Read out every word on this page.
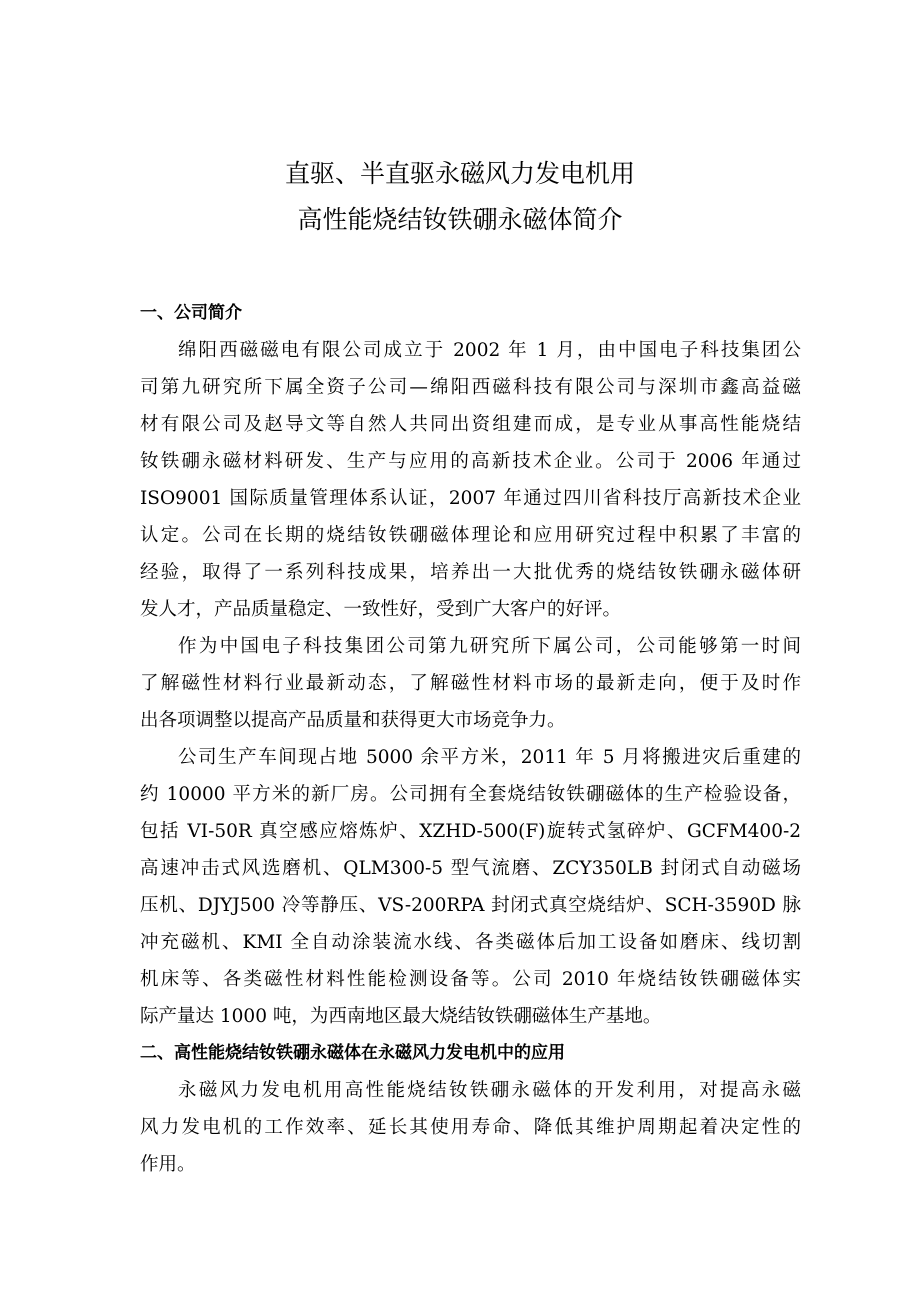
直驱、半直驱永磁风力发电机用
高性能烧结钕铁硼永磁体简介
一、公司简介
绵阳西磁磁电有限公司成立于 2002 年 1 月，由中国电子科技集团公
司第九研究所下属全资子公司—绵阳西磁科技有限公司与深圳市鑫高益磁
材有限公司及赵导文等自然人共同出资组建而成，是专业从事高性能烧结
钕铁硼永磁材料研发、生产与应用的高新技术企业。公司于 2006 年通过
ISO9001 国际质量管理体系认证，2007 年通过四川省科技厅高新技术企业
认定。公司在长期的烧结钕铁硼磁体理论和应用研究过程中积累了丰富的
经验，取得了一系列科技成果，培养出一大批优秀的烧结钕铁硼永磁体研
发人才，产品质量稳定、一致性好，受到广大客户的好评。
作为中国电子科技集团公司第九研究所下属公司，公司能够第一时间
了解磁性材料行业最新动态，了解磁性材料市场的最新走向，便于及时作
出各项调整以提高产品质量和获得更大市场竞争力。
公司生产车间现占地 5000 余平方米，2011 年 5 月将搬进灾后重建的
约 10000 平方米的新厂房。公司拥有全套烧结钕铁硼磁体的生产检验设备，
包括 VI-50R 真空感应熔炼炉、XZHD-500(F)旋转式氢碎炉、GCFM400-2
高速冲击式风选磨机、QLM300-5 型气流磨、ZCY350LB 封闭式自动磁场
压机、DJYJ500 冷等静压、VS-200RPA 封闭式真空烧结炉、SCH-3590D 脉
冲充磁机、KMI 全自动涂装流水线、各类磁体后加工设备如磨床、线切割
机床等、各类磁性材料性能检测设备等。公司 2010 年烧结钕铁硼磁体实
际产量达 1000 吨，为西南地区最大烧结钕铁硼磁体生产基地。
二、高性能烧结钕铁硼永磁体在永磁风力发电机中的应用
永磁风力发电机用高性能烧结钕铁硼永磁体的开发利用，对提高永磁
风力发电机的工作效率、延长其使用寿命、降低其维护周期起着决定性的
作用。
